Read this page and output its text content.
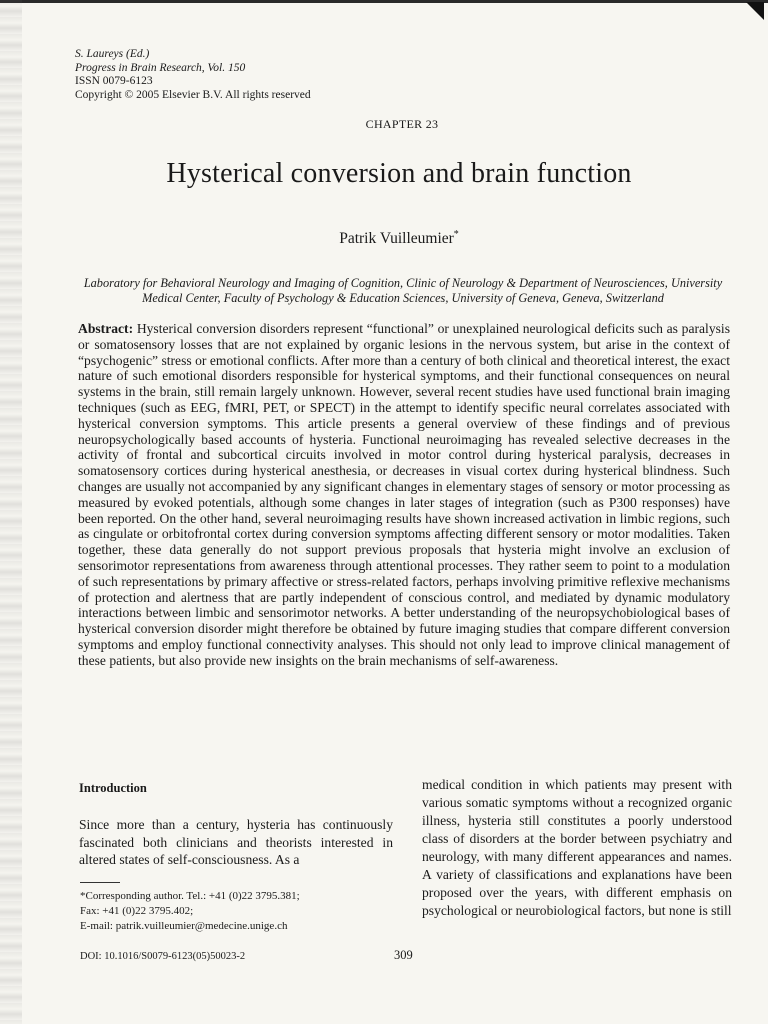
S. Laureys (Ed.)
Progress in Brain Research, Vol. 150
ISSN 0079-6123
Copyright © 2005 Elsevier B.V. All rights reserved
CHAPTER 23
Hysterical conversion and brain function
Patrik Vuilleumier*
Laboratory for Behavioral Neurology and Imaging of Cognition, Clinic of Neurology & Department of Neurosciences, University Medical Center, Faculty of Psychology & Education Sciences, University of Geneva, Geneva, Switzerland
Abstract: Hysterical conversion disorders represent “functional” or unexplained neurological deficits such as paralysis or somatosensory losses that are not explained by organic lesions in the nervous system, but arise in the context of “psychogenic” stress or emotional conflicts. After more than a century of both clinical and theoretical interest, the exact nature of such emotional disorders responsible for hysterical symptoms, and their functional consequences on neural systems in the brain, still remain largely unknown. However, several recent studies have used functional brain imaging techniques (such as EEG, fMRI, PET, or SPECT) in the attempt to identify specific neural correlates associated with hysterical conversion symptoms. This article presents a general overview of these findings and of previous neuropsychologically based accounts of hysteria. Functional neuroimaging has revealed selective decreases in the activity of frontal and subcortical circuits involved in motor control during hysterical paralysis, decreases in somatosensory cortices during hysterical anesthesia, or decreases in visual cortex during hysterical blindness. Such changes are usually not accompanied by any significant changes in elementary stages of sensory or motor processing as measured by evoked potentials, although some changes in later stages of integration (such as P300 responses) have been reported. On the other hand, several neuroimaging results have shown increased activation in limbic regions, such as cingulate or orbitofrontal cortex during conversion symptoms affecting different sensory or motor modalities. Taken together, these data generally do not support previous proposals that hysteria might involve an exclusion of sensorimotor representations from awareness through attentional processes. They rather seem to point to a modulation of such representations by primary affective or stress-related factors, perhaps involving primitive reflexive mechanisms of protection and alertness that are partly independent of conscious control, and mediated by dynamic modulatory interactions between limbic and sensorimotor networks. A better understanding of the neuropsychobiological bases of hysterical conversion disorder might therefore be obtained by future imaging studies that compare different conversion symptoms and employ functional connectivity analyses. This should not only lead to improve clinical management of these patients, but also provide new insights on the brain mechanisms of self-awareness.
Introduction
Since more than a century, hysteria has continuously fascinated both clinicians and theorists interested in altered states of self-consciousness. As a
medical condition in which patients may present with various somatic symptoms without a recognized organic illness, hysteria still constitutes a poorly understood class of disorders at the border between psychiatry and neurology, with many different appearances and names. A variety of classifications and explanations have been proposed over the years, with different emphasis on psychological or neurobiological factors, but none is still
*Corresponding author. Tel.: +41 (0)22 3795.381;
Fax: +41 (0)22 3795.402;
E-mail: patrik.vuilleumier@medecine.unige.ch
DOI: 10.1016/S0079-6123(05)50023-2	309
